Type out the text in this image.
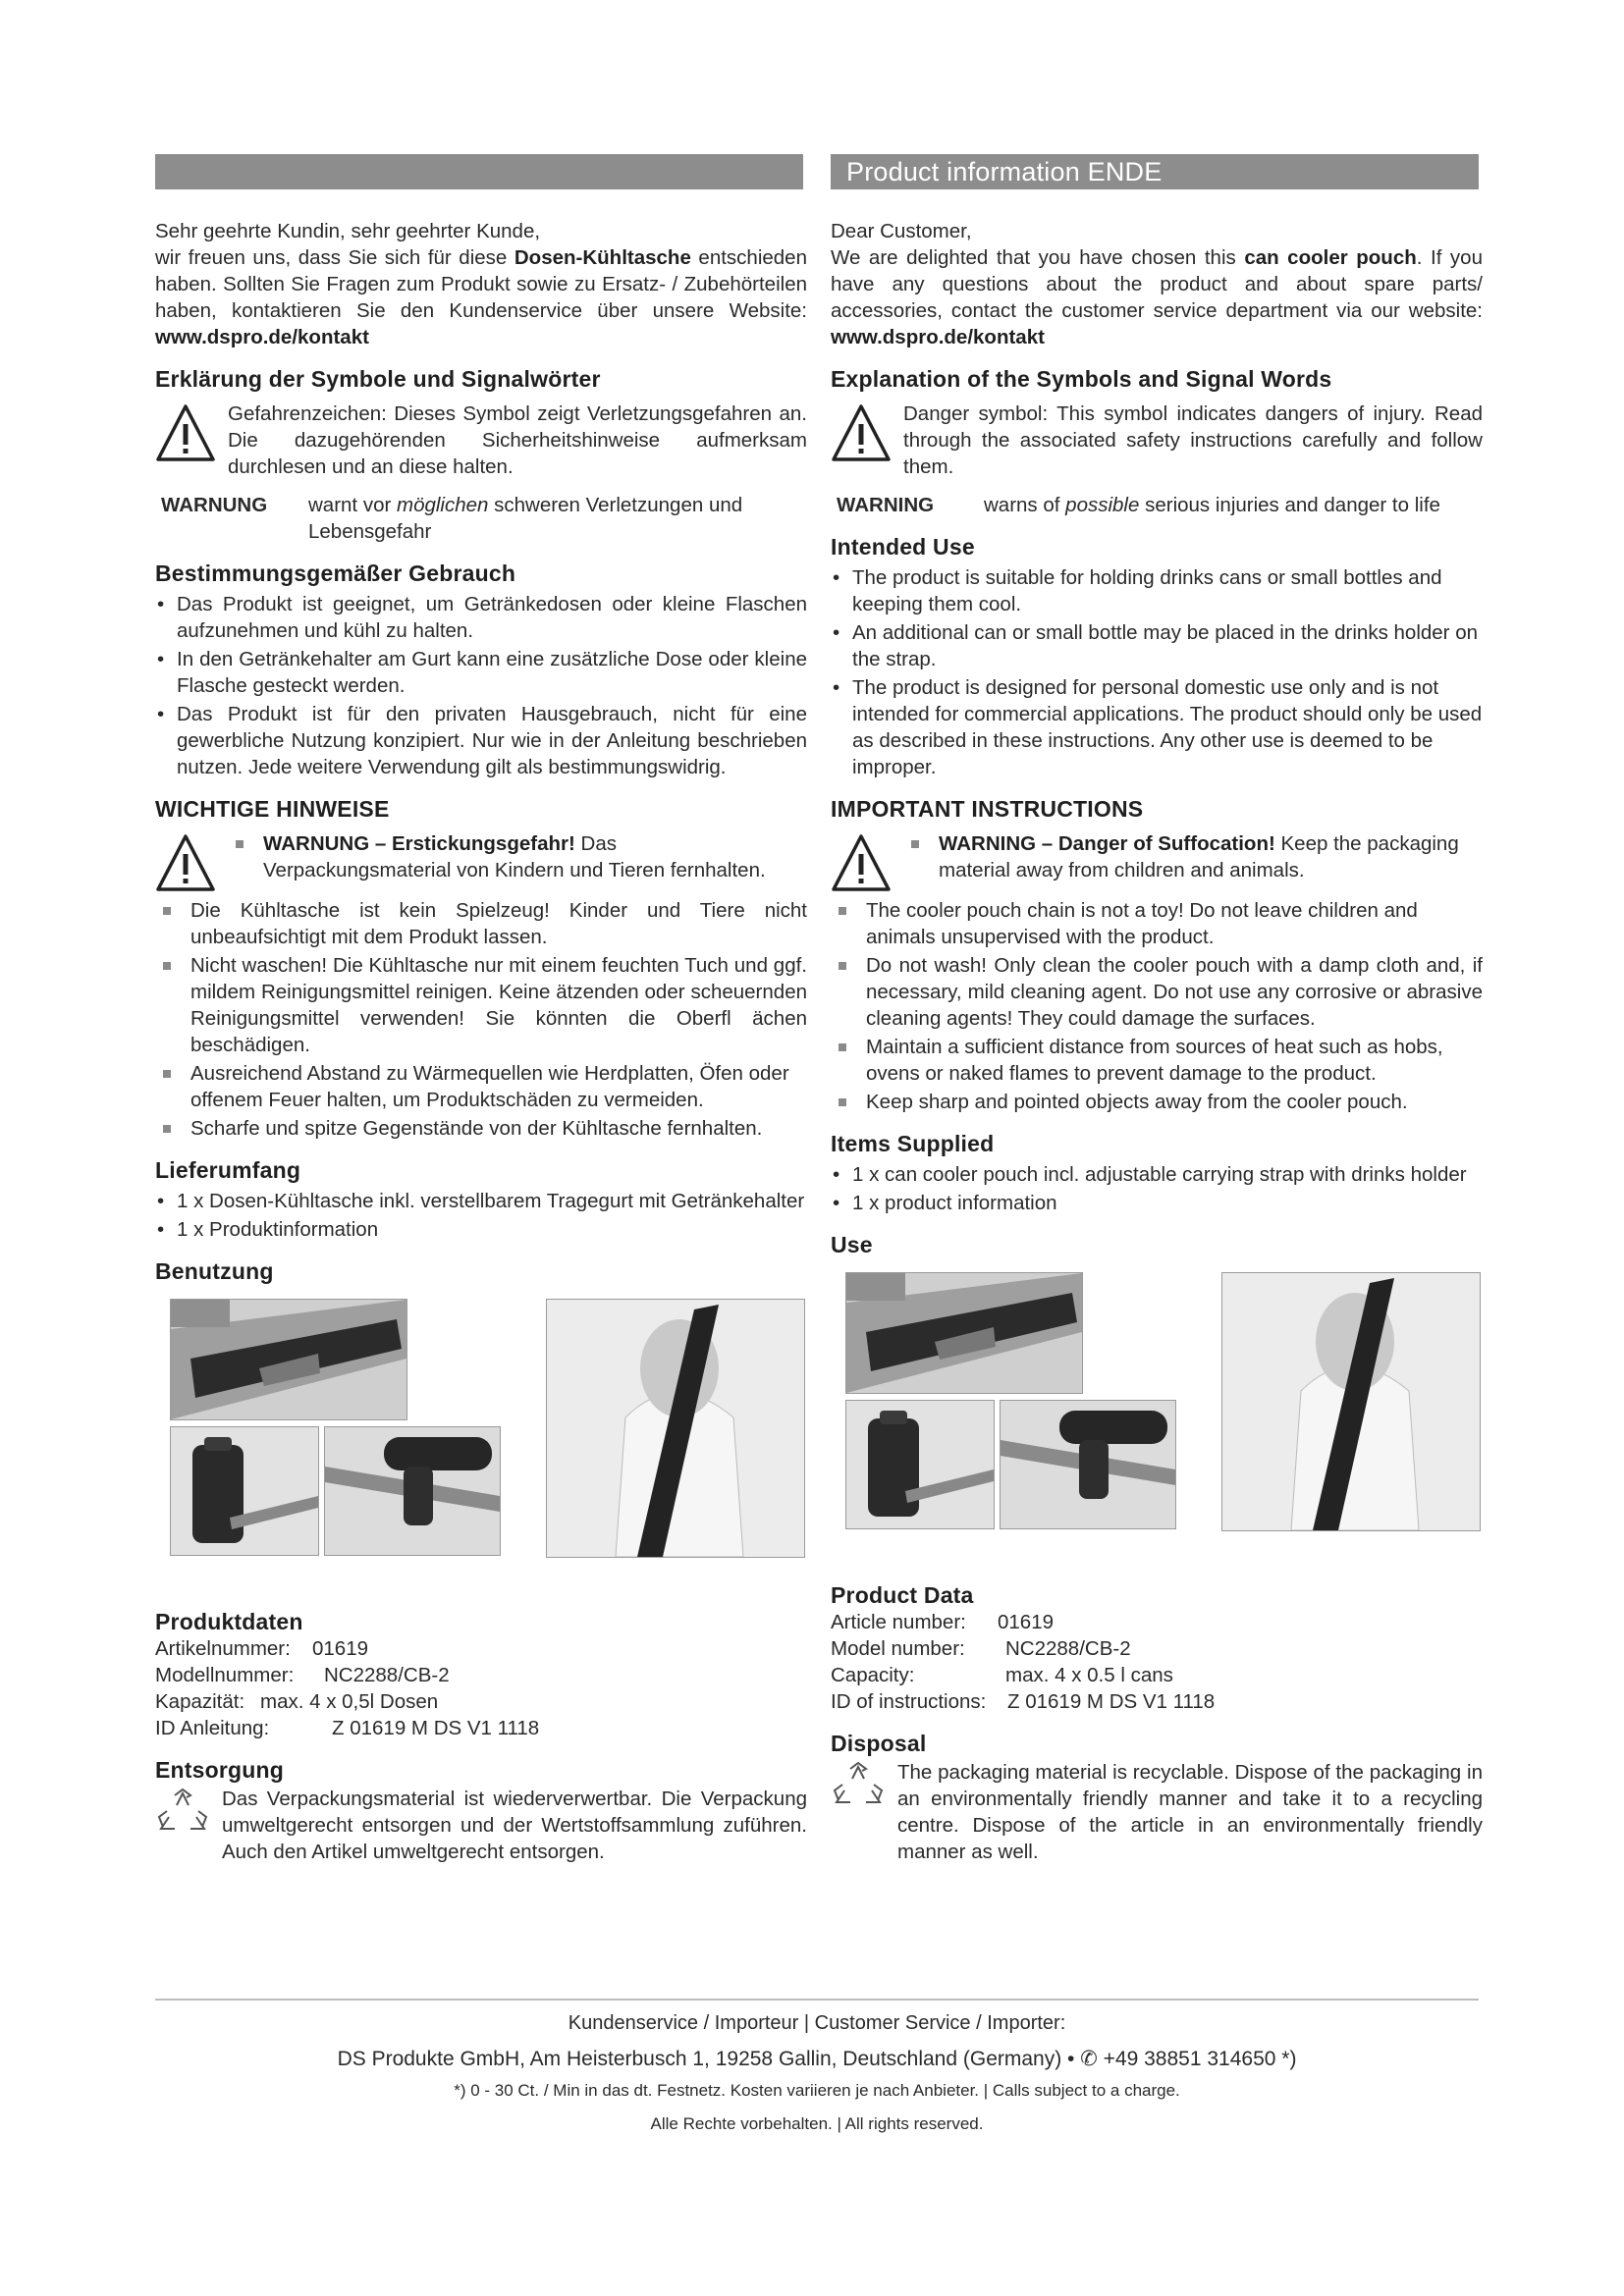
Product information ENDE

Sehr geehrte Kundin, sehr geehrter Kunde,

wir freuen uns, dass Sie sich für diese Dosen-Kühltasche entschieden haben. Sollten Sie Fragen zum Produkt sowie zu Ersatz- / Zubehörteilen haben, kontaktieren Sie den Kundenservice über unsere Website: www.dspro.de/kontakt

Erklärung der Symbole und Signalwörter

Gefahrenzeichen: Dieses Symbol zeigt Verletzungsgefahren an. Die dazugehörenden Sicherheitshinweise aufmerksam durchlesen und an diese halten.

WARNUNG	warnt vor möglichen schweren Verletzungen und Lebensgefahr

Bestimmungsgemäßer Gebrauch
• Das Produkt ist geeignet, um Getränkedosen oder kleine Flaschen aufzunehmen und kühl zu halten.
• In den Getränkehalter am Gurt kann eine zusätzliche Dose oder kleine Flasche gesteckt werden.
• Das Produkt ist für den privaten Hausgebrauch, nicht für eine gewerbliche Nutzung konzipiert. Nur wie in der Anleitung beschrieben nutzen. Jede weitere Verwendung gilt als bestimmungswidrig.
WICHTIGE HINWEISE
WARNUNG – Erstickungsgefahr! Das Verpackungsmaterial von Kindern und Tieren fernhalten.
Die Kühltasche ist kein Spielzeug! Kinder und Tiere nicht unbeaufsichtigt mit dem Produkt lassen.
Nicht waschen! Die Kühltasche nur mit einem feuchten Tuch und ggf. mildem Reinigungsmittel reinigen. Keine ätzenden oder scheuernden Reinigungsmittel verwenden! Sie könnten die Oberfl ächen beschädigen.
Ausreichend Abstand zu Wärmequellen wie Herdplatten, Öfen oder offenem Feuer halten, um Produktschäden zu vermeiden.
Scharfe und spitze Gegenstände von der Kühltasche fernhalten.
Lieferumfang
• 1 x Dosen-Kühltasche inkl. verstellbarem Tragegurt mit Getränkehalter
• 1 x Produktinformation
Benutzung
Produktdaten
Artikelnummer:	01619
Modellnummer:	NC2288/CB-2
Kapazität: max. 4 x 0,5l Dosen
ID Anleitung:	Z 01619 M DS V1 1118
Entsorgung

Das Verpackungsmaterial ist wiederverwertbar. Die Verpackung umweltgerecht entsorgen und der Wertstoffsammlung zuführen. Auch den Artikel umweltgerecht entsorgen.

Dear Customer,

We are delighted that you have chosen this can cooler pouch. If you have any questions about the product and about spare parts/ accessories, contact the customer service department via our website: www.dspro.de/kontakt

Explanation of the Symbols and Signal Words

Danger symbol: This symbol indicates dangers of injury. Read through the associated safety instructions carefully and follow them.

WARNING	warns of possible serious injuries and danger to life

Intended Use
• The product is suitable for holding drinks cans or small bottles and keeping them cool.
• An additional can or small bottle may be placed in the drinks holder on the strap.
• The product is designed for personal domestic use only and is not intended for commercial applications. The product should only be used as described in these instructions. Any other use is deemed to be improper.
IMPORTANT INSTRUCTIONS
WARNING – Danger of Suffocation! Keep the packaging material away from children and animals.
The cooler pouch chain is not a toy! Do not leave children and animals unsupervised with the product.
Do not wash! Only clean the cooler pouch with a damp cloth and, if necessary, mild cleaning agent. Do not use any corrosive or abrasive cleaning agents! They could damage the surfaces.
Maintain a sufficient distance from sources of heat such as hobs, ovens or naked flames to prevent damage to the product.
Keep sharp and pointed objects away from the cooler pouch.
Items Supplied
• 1 x can cooler pouch incl. adjustable carrying strap with drinks holder
• 1 x product information
Use
Product Data
Article number:	01619
Model number:	NC2288/CB-2
Capacity:	max. 4 x 0.5 l cans
ID of instructions:	Z 01619 M DS V1 1118
Disposal

The packaging material is recyclable. Dispose of the packaging in an environmentally friendly manner and take it to a recycling centre. Dispose of the article in an environmentally friendly manner as well.

Kundenservice / Importeur | Customer Service / Importer:
DS Produkte GmbH, Am Heisterbusch 1, 19258 Gallin, Deutschland (Germany) • ✆ +49 38851 314650 *)
*) 0 - 30 Ct. / Min in das dt. Festnetz. Kosten variieren je nach Anbieter. | Calls subject to a charge.
Alle Rechte vorbehalten. | All rights reserved.
